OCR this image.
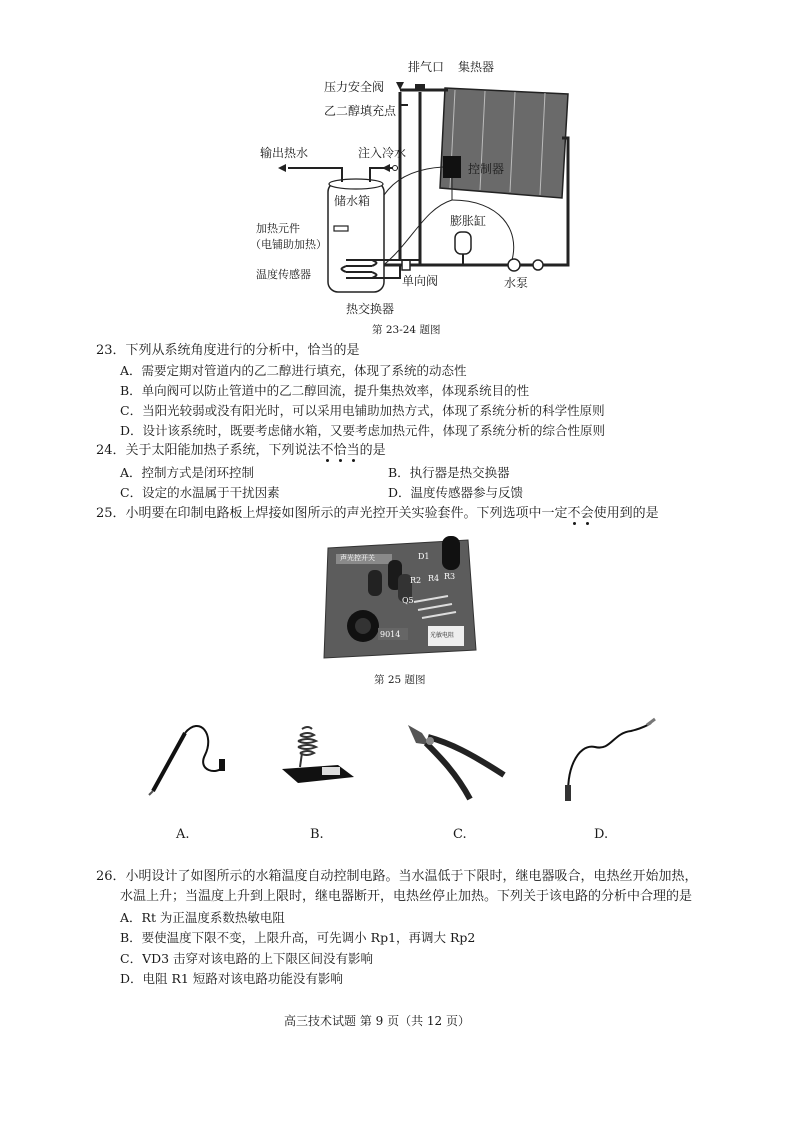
排气口 集热器
压力安全阀
乙二醇填充点
输出热水	注入冷水
控制器
储水箱
加热元件
（电铺助加热）
膨胀缸
温度传感器	单向阀	水泵
热交换器
第 23-24 题图
23．下列从系统角度进行的分析中，恰当的是
A．需要定期对管道内的乙二醇进行填充，体现了系统的动态性
B．单向阀可以防止管道中的乙二醇回流，提升集热效率，体现系统目的性
C．当阳光较弱或没有阳光时，可以采用电铺助加热方式，体现了系统分析的科学性原则
D．设计该系统时，既要考虑储水箱，又要考虑加热元件，体现了系统分析的综合性原则
24．关于太阳能加热子系统，下列说法不恰当的是
A．控制方式是闭环控制	B．执行器是热交换器
C．设定的水温属于干扰因素	D．温度传感器参与反馈
25．小明要在印制电路板上焊接如图所示的声光控开关实验套件。下列选项中一定不会使用到的是
声光控开关	D1
R2 R4 R3
Q5
9014	光敏电阻
第 25 题图
A.	B.	C.	D.
26．小明设计了如图所示的水箱温度自动控制电路。当水温低于下限时，继电器吸合，电热丝开始加热，
水温上升；当温度上升到上限时，继电器断开，电热丝停止加热。下列关于该电路的分析中合理的是
A．Rt 为正温度系数热敏电阻
B．要使温度下限不变，上限升高，可先调小 Rp1，再调大 Rp2
C．VD3 击穿对该电路的上下限区间没有影响
D．电阻 R1 短路对该电路功能没有影响
高三技术试题 第 9 页（共 12 页）
